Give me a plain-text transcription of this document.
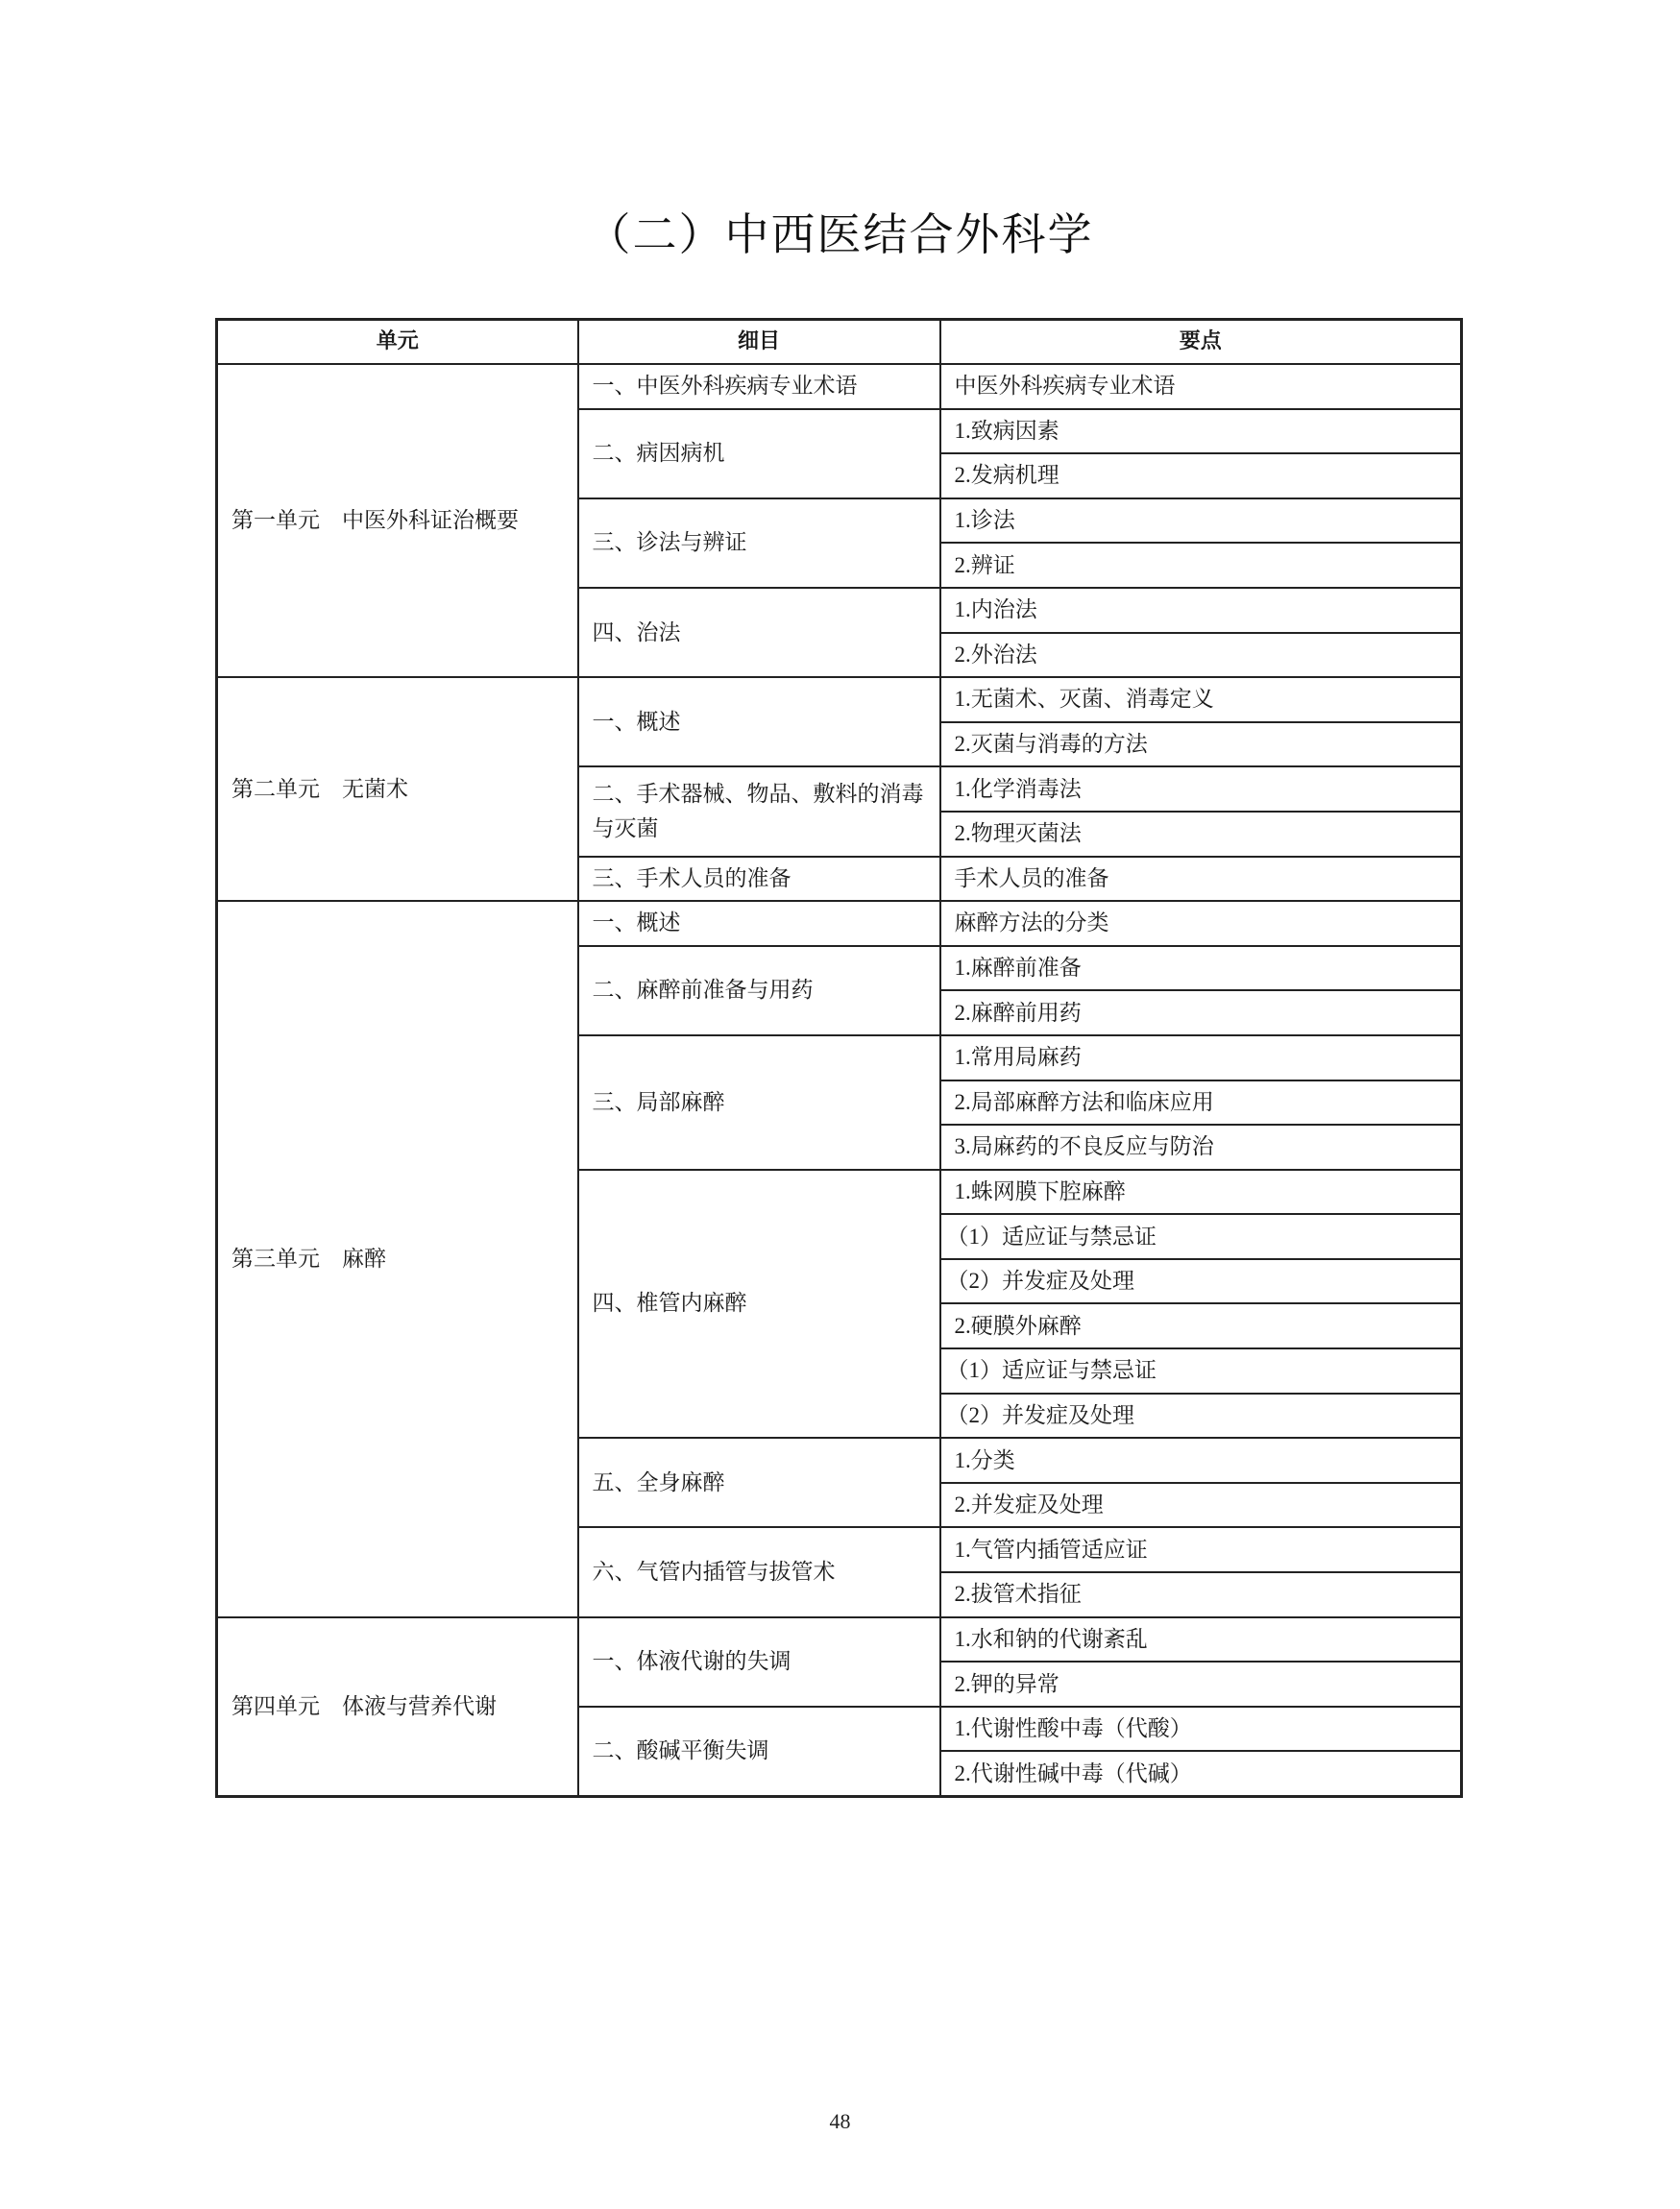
（二）中西医结合外科学
单元	细目	要点
第一单元　中医外科证治概要	一、中医外科疾病专业术语	中医外科疾病专业术语
	二、病因病机	1.致病因素
		2.发病机理
	三、诊法与辨证	1.诊法
		2.辨证
	四、治法	1.内治法
		2.外治法
第二单元　无菌术	一、概述	1.无菌术、灭菌、消毒定义
		2.灭菌与消毒的方法

	二、手术器械、物品、敷料的消毒与灭菌	1.化学消毒法
		2.物理灭菌法
	三、手术人员的准备	手术人员的准备
第三单元　麻醉	一、概述	麻醉方法的分类
	二、麻醉前准备与用药	1.麻醉前准备
		2.麻醉前用药
	三、局部麻醉	1.常用局麻药
		2.局部麻醉方法和临床应用
		3.局麻药的不良反应与防治
	四、椎管内麻醉	1.蛛网膜下腔麻醉
		（1）适应证与禁忌证
		（2）并发症及处理
		2.硬膜外麻醉
		（1）适应证与禁忌证
		（2）并发症及处理
	五、全身麻醉	1.分类
		2.并发症及处理
	六、气管内插管与拔管术	1.气管内插管适应证
		2.拔管术指征
第四单元　体液与营养代谢	一、体液代谢的失调	1.水和钠的代谢紊乱
		2.钾的异常
	二、酸碱平衡失调	1.代谢性酸中毒（代酸）
		2.代谢性碱中毒（代碱）
48
